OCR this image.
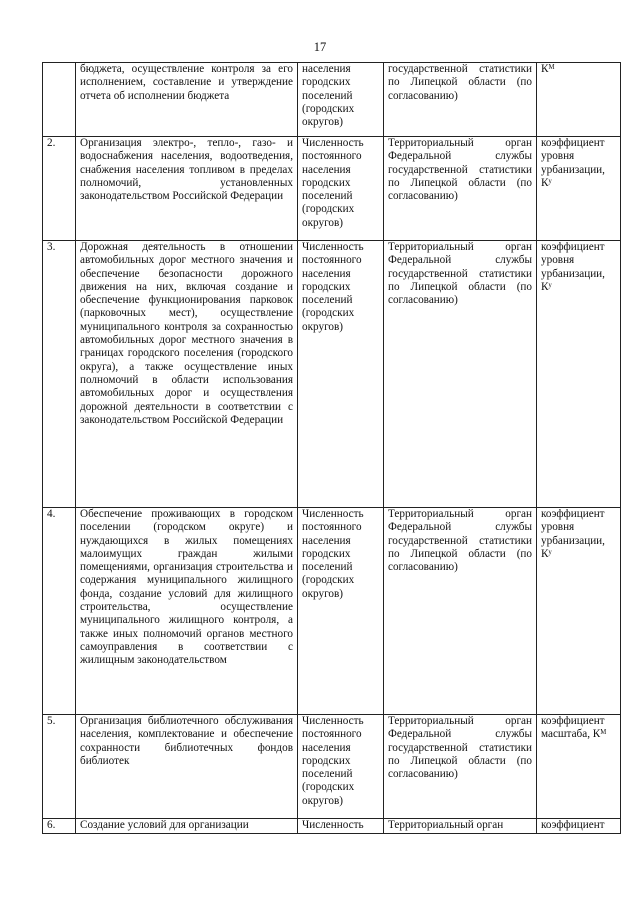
17
	бюджета, осуществление контроля за его исполнением, составление и утверждение отчета об исполнении бюджета	населения городских поселений (городских округов)	государственной статистики по Липецкой области (по согласованию)	Кᴹ
2.	Организация электро-, тепло-, газо- и водоснабжения населения, водоотведения, снабжения населения топливом в пределах полномочий, установленных законодательством Российской Федерации	Численность постоянного населения городских поселений (городских округов)	Территориальный орган Федеральной службы государственной статистики по Липецкой области (по согласованию)	коэффициент уровня урбанизации, Кʸ
3.	Дорожная деятельность в отношении автомобильных дорог местного значения и обеспечение безопасности дорожного движения на них, включая создание и обеспечение функционирования парковок (парковочных мест), осуществление муниципального контроля за сохранностью автомобильных дорог местного значения в границах городского поселения (городского округа), а также осуществление иных полномочий в области использования автомобильных дорог и осуществления дорожной деятельности в соответствии с законодательством Российской Федерации	Численность постоянного населения городских поселений (городских округов)	Территориальный орган Федеральной службы государственной статистики по Липецкой области (по согласованию)	коэффициент уровня урбанизации, Кʸ
4.	Обеспечение проживающих в городском поселении (городском округе) и нуждающихся в жилых помещениях малоимущих граждан жилыми помещениями, организация строительства и содержания муниципального жилищного фонда, создание условий для жилищного строительства, осуществление муниципального жилищного контроля, а также иных полномочий органов местного самоуправления в соответствии с жилищным законодательством	Численность постоянного населения городских поселений (городских округов)	Территориальный орган Федеральной службы государственной статистики по Липецкой области (по согласованию)	коэффициент уровня урбанизации, Кʸ
5.	Организация библиотечного обслуживания населения, комплектование и обеспечение сохранности библиотечных фондов библиотек	Численность постоянного населения городских поселений (городских округов)	Территориальный орган Федеральной службы государственной статистики по Липецкой области (по согласованию)	коэффициент масштаба, Кᴹ
6.	Создание условий для организации	Численность	Территориальный орган	коэффициент
